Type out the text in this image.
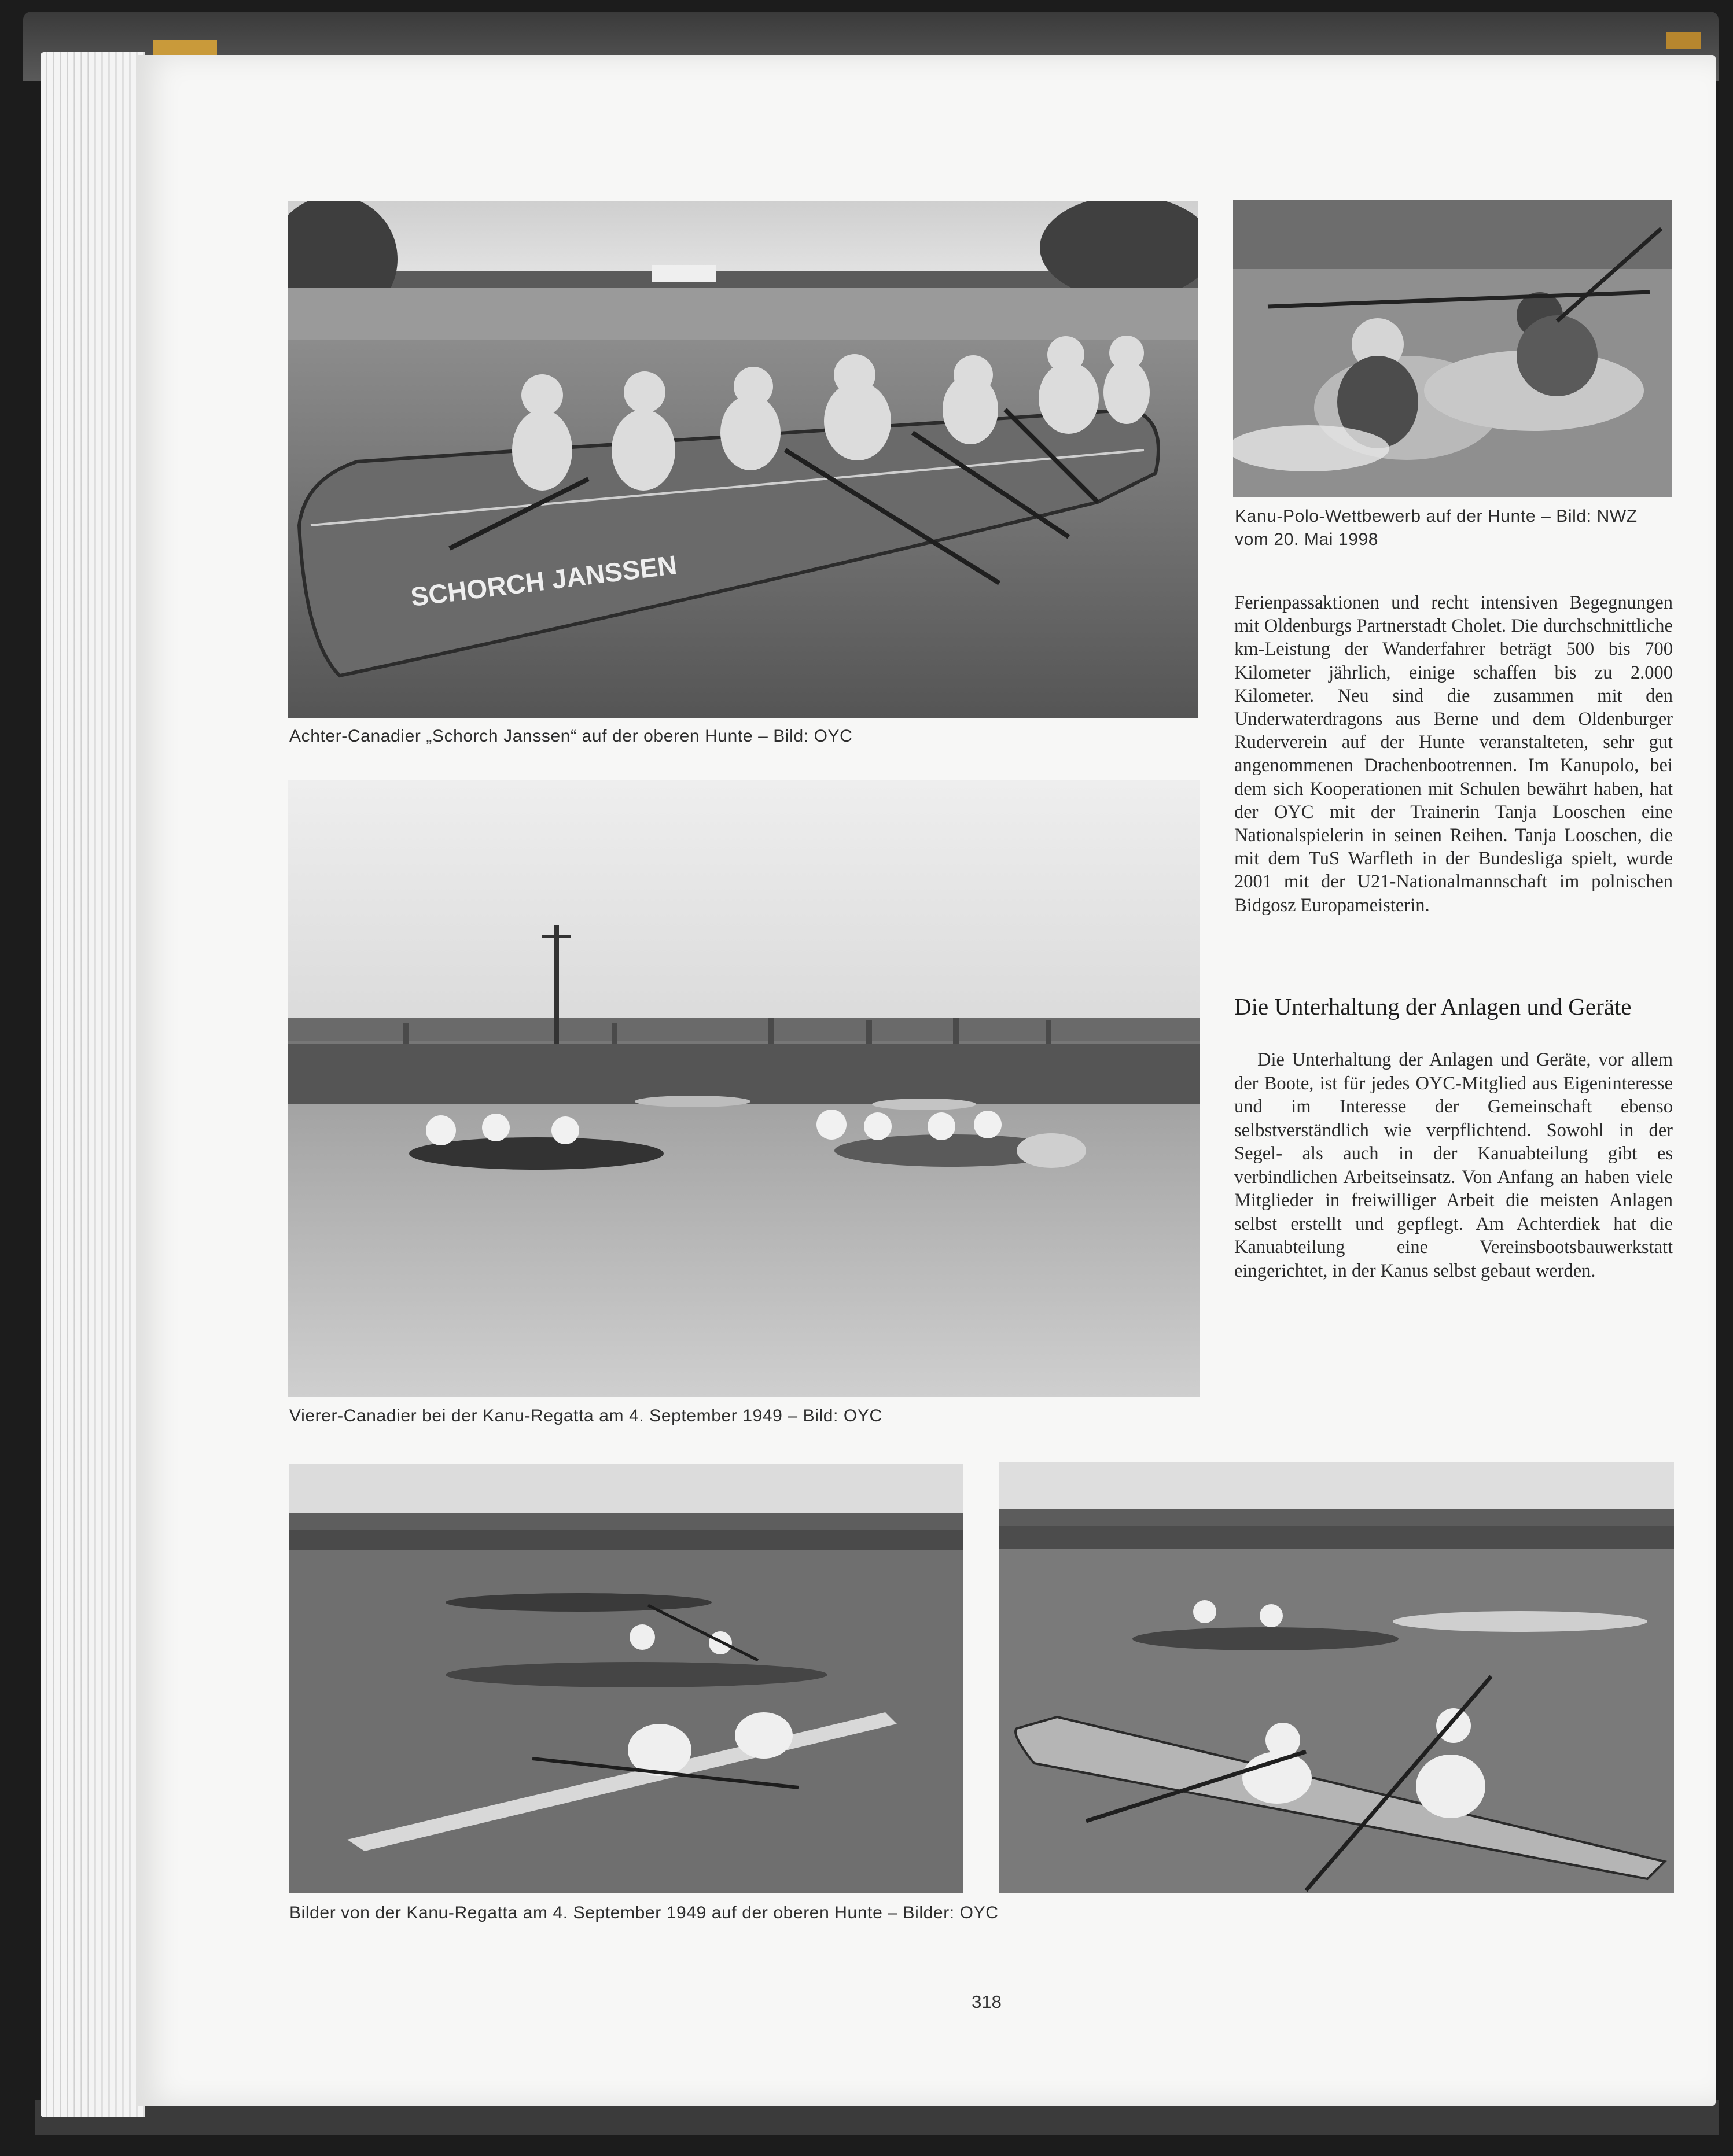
SCHORCH JANSSEN

Achter-Canadier „Schorch Janssen“ auf der oberen Hunte – Bild: OYC

Kanu-Polo-Wettbewerb auf der Hunte – Bild: NWZ vom 20. Mai 1998

Vierer-Canadier bei der Kanu-Regatta am 4. September 1949 – Bild: OYC

Bilder von der Kanu-Regatta am 4. September 1949 auf der oberen Hunte – Bilder: OYC

Ferienpassaktionen und recht intensiven Begegnungen mit Oldenburgs Partnerstadt Cholet. Die durchschnittliche km-Leistung der Wanderfahrer beträgt 500 bis 700 Kilometer jährlich, einige schaffen bis zu 2.000 Kilometer. Neu sind die zusammen mit den Underwaterdragons aus Berne und dem Oldenburger Ruderverein auf der Hunte veranstalteten, sehr gut angenommenen Drachenbootrennen. Im Kanupolo, bei dem sich Kooperationen mit Schulen bewährt haben, hat der OYC mit der Trainerin Tanja Looschen eine Nationalspielerin in seinen Reihen. Tanja Looschen, die mit dem TuS Warfleth in der Bundesliga spielt, wurde 2001 mit der U21-Nationalmannschaft im polnischen Bidgosz Europameisterin.

Die Unterhaltung der Anlagen und Geräte

Die Unterhaltung der Anlagen und Geräte, vor allem der Boote, ist für jedes OYC-Mitglied aus Eigeninteresse und im Interesse der Gemeinschaft ebenso selbstverständlich wie verpflichtend. Sowohl in der Segel- als auch in der Kanuabteilung gibt es verbindlichen Arbeitseinsatz. Von Anfang an haben viele Mitglieder in freiwilliger Arbeit die meisten Anlagen selbst erstellt und gepflegt. Am Achterdiek hat die Kanuabteilung eine Vereinsbootsbauwerkstatt eingerichtet, in der Kanus selbst gebaut werden.

318
